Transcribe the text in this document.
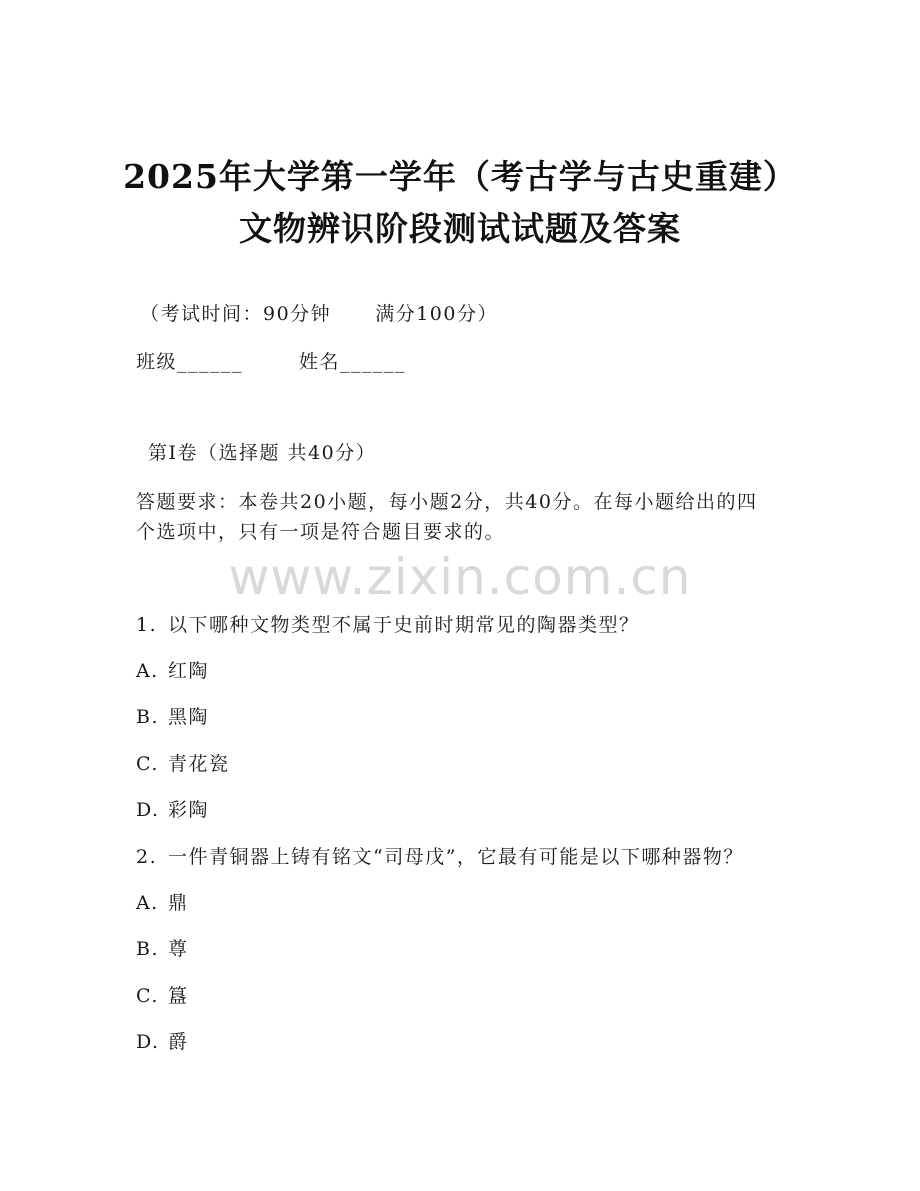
2025年大学第一学年（考古学与古史重建）
文物辨识阶段测试试题及答案
（考试时间：90分钟 满分100分）
班级______	姓名______
第I卷（选择题 共40分）
答题要求：本卷共20小题，每小题2分，共40分。在每小题给出的四个选项中，只有一项是符合题目要求的。
www.zixin.com.cn
1. 以下哪种文物类型不属于史前时期常见的陶器类型？
A. 红陶
B. 黑陶
C. 青花瓷
D. 彩陶
2. 一件青铜器上铸有铭文“司母戊”，它最有可能是以下哪种器物？
A. 鼎
B. 尊
C. 簋
D. 爵
